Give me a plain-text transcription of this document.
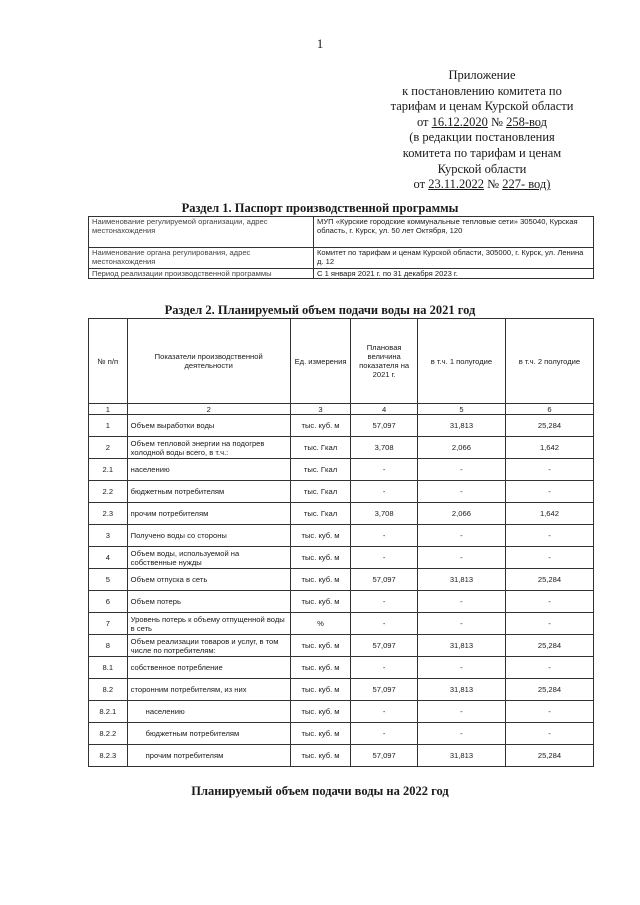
1
Приложение
к постановлению комитета по
тарифам и ценам Курской области
от 16.12.2020 № 258-вод
(в редакции постановления
комитета по тарифам и ценам
Курской области
от 23.11.2022 № 227- вод)
Раздел 1. Паспорт производственной программы
Наименование регулируемой организации, адрес местонахождения	МУП «Курские городские коммунальные тепловые сети» 305040, Курская область, г. Курск, ул. 50 лет Октября, 120
Наименование органа регулирования, адрес местонахождения	Комитет по тарифам и ценам Курской области, 305000, г. Курск, ул. Ленина д. 12
Период реализации производственной программы	С 1 января 2021 г. по 31 декабря 2023 г.
Раздел 2. Планируемый объем подачи воды на 2021 год
№ п/п	Показатели производственной деятельности	Ед. измерения	Плановая величина показателя на 2021 г.	в т.ч. 1 полугодие	в т.ч. 2 полугодие
1	2	3	4	5	6
1	Объем выработки воды	тыс. куб. м	57,097	31,813	25,284
2	Объем тепловой энергии на подогрев холодной воды всего, в т.ч.:	тыс. Гкал	3,708	2,066	1,642
2.1	населению	тыс. Гкал	-	-	-
2.2	бюджетным потребителям	тыс. Гкал	-	-	-
2.3	прочим потребителям	тыс. Гкал	3,708	2,066	1,642
3	Получено воды со стороны	тыс. куб. м	-	-	-
4	Объем воды, используемой на собственные нужды	тыс. куб. м	-	-	-
5	Объем отпуска в сеть	тыс. куб. м	57,097	31,813	25,284
6	Объем потерь	тыс. куб. м	-	-	-
7	Уровень потерь к объему отпущенной воды в сеть	%	-	-	-
8	Объем реализации товаров и услуг, в том числе по потребителям:	тыс. куб. м	57,097	31,813	25,284
8.1	собственное потребление	тыс. куб. м	-	-	-
8.2	сторонним потребителям, из них	тыс. куб. м	57,097	31,813	25,284
8.2.1	населению	тыс. куб. м	-	-	-
8.2.2	бюджетным потребителям	тыс. куб. м	-	-	-
8.2.3	прочим потребителям	тыс. куб. м	57,097	31,813	25,284
Планируемый объем подачи воды на 2022 год
